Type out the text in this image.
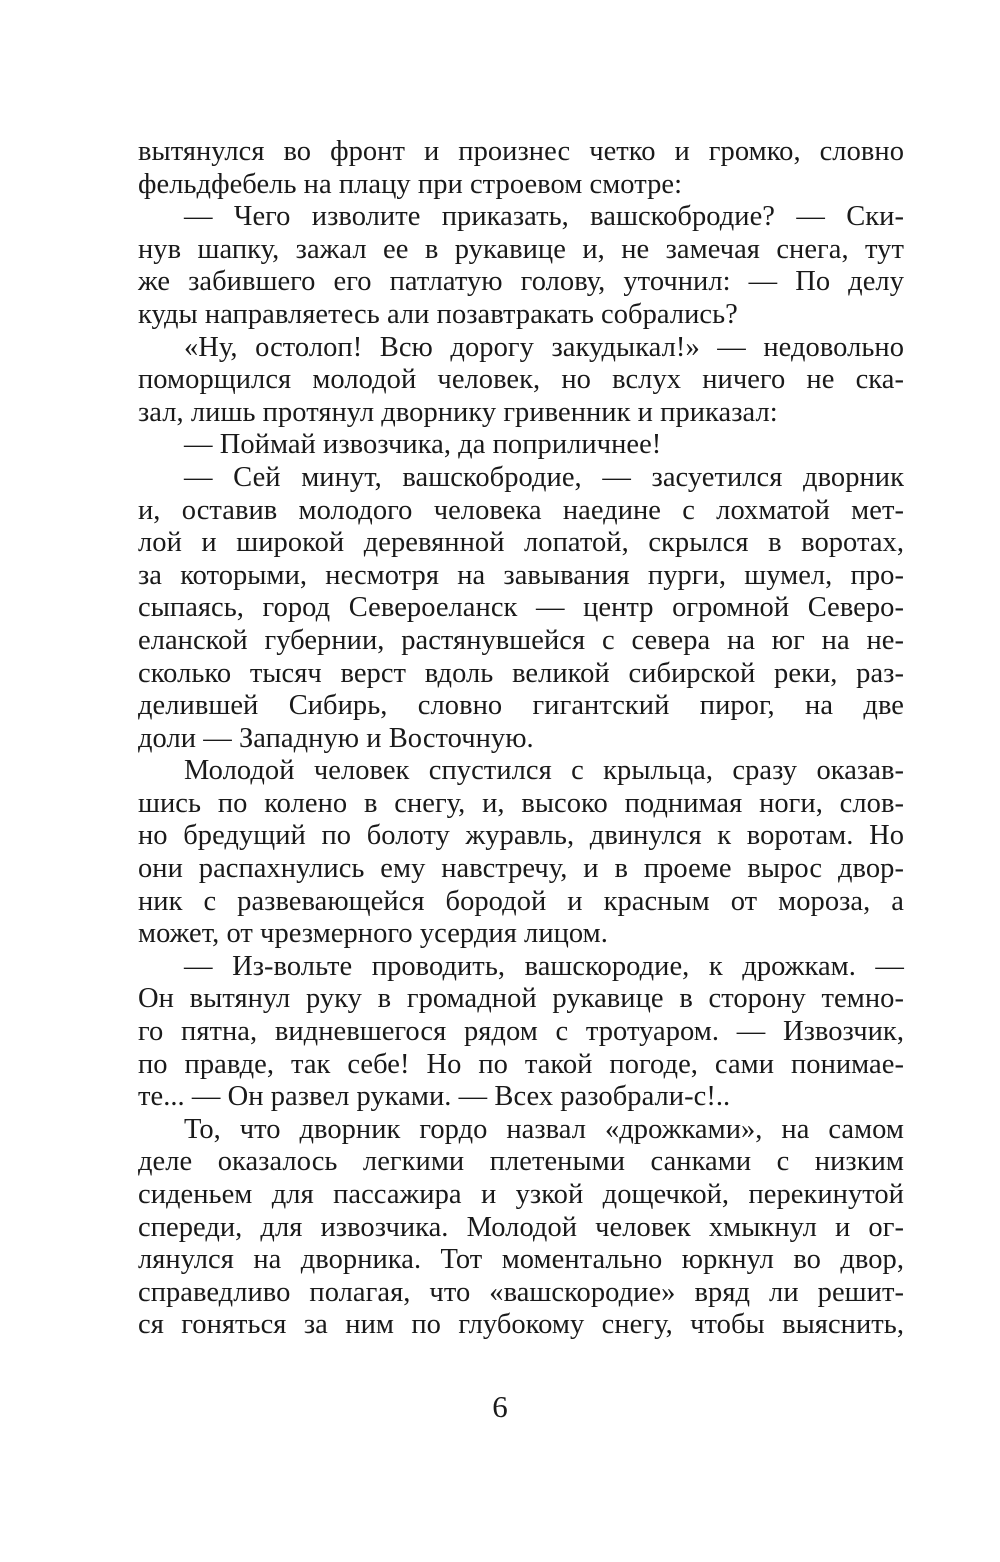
вытянулся во фронт и произнес четко и громко, словно
фельдфебель на плацу при строевом смотре:
— Чего изволите приказать, вашскобродие? — Ски-
нув шапку, зажал ее в рукавице и, не замечая снега, тут
же забившего его патлатую голову, уточнил: — По делу
куды направляетесь али позавтракать собрались?
«Ну, остолоп! Всю дорогу закудыкал!» — недовольно
поморщился молодой человек, но вслух ничего не ска-
зал, лишь протянул дворнику гривенник и приказал:
— Поймай извозчика, да поприличнее!
— Сей минут, вашскобродие, — засуетился дворник
и, оставив молодого человека наедине с лохматой мет-
лой и широкой деревянной лопатой, скрылся в воротах,
за которыми, несмотря на завывания пурги, шумел, про-
сыпаясь, город Североеланск — центр огромной Северо-
еланской губернии, растянувшейся с севера на юг на не-
сколько тысяч верст вдоль великой сибирской реки, раз-
делившей Сибирь, словно гигантский пирог, на две
доли — Западную и Восточную.
Молодой человек спустился с крыльца, сразу оказав-
шись по колено в снегу, и, высоко поднимая ноги, слов-
но бредущий по болоту журавль, двинулся к воротам. Но
они распахнулись ему навстречу, и в проеме вырос двор-
ник с развевающейся бородой и красным от мороза, а
может, от чрезмерного усердия лицом.
— Из-вольте проводить, вашскородие, к дрожкам. —
Он вытянул руку в громадной рукавице в сторону темно-
го пятна, видневшегося рядом с тротуаром. — Извозчик,
по правде, так себе! Но по такой погоде, сами понимае-
те... — Он развел руками. — Всех разобрали-с!..
То, что дворник гордо назвал «дрожками», на самом
деле оказалось легкими плетеными санками с низким
сиденьем для пассажира и узкой дощечкой, перекинутой
спереди, для извозчика. Молодой человек хмыкнул и ог-
лянулся на дворника. Тот моментально юркнул во двор,
справедливо полагая, что «вашскородие» вряд ли решит-
ся гоняться за ним по глубокому снегу, чтобы выяснить,
6
